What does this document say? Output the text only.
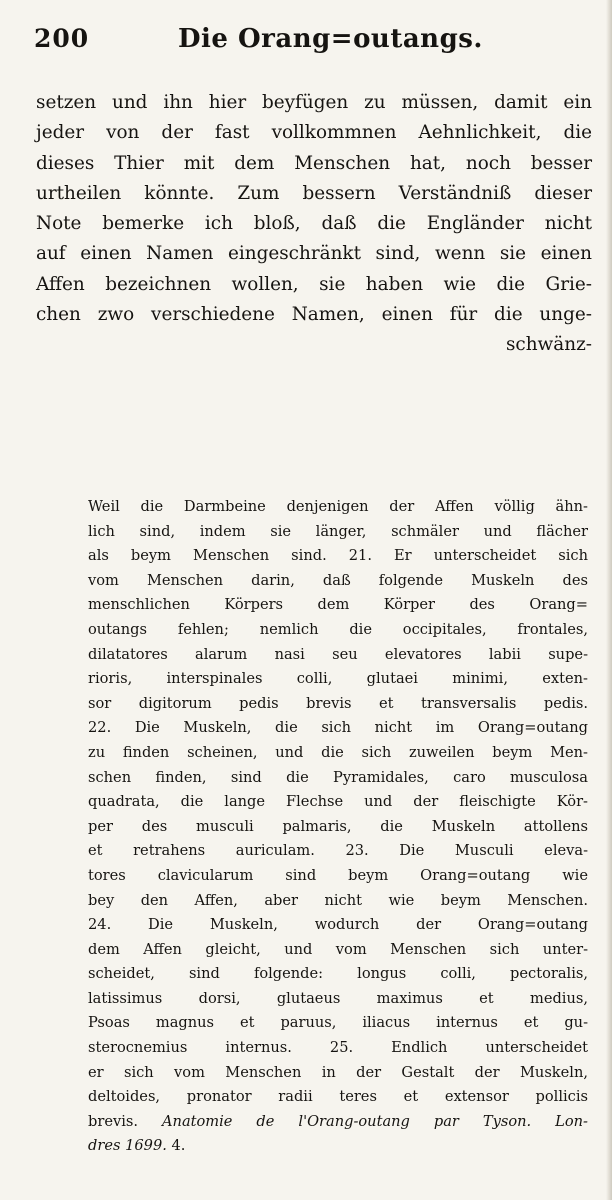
200	Die Orang=outangs.
setzen und ihn hier beyfügen zu müssen, damit ein
jeder von der fast vollkommnen Aehnlichkeit, die
dieses Thier mit dem Menschen hat, noch besser
urtheilen könnte. Zum bessern Verständniß dieser
Note bemerke ich bloß, daß die Engländer nicht
auf einen Namen eingeschränkt sind, wenn sie einen
Affen bezeichnen wollen, sie haben wie die Grie-
chen zwo verschiedene Namen, einen für die unge-
schwänz-
Weil die Darmbeine denjenigen der Affen völlig ähn-
lich sind, indem sie länger, schmäler und flächer
als beym Menschen sind. 21. Er unterscheidet sich
vom Menschen darin, daß folgende Muskeln des
menschlichen Körpers dem Körper des Orang=
outangs fehlen; nemlich die occipitales, frontales,
dilatatores alarum nasi seu elevatores labii supe-
rioris, interspinales colli, glutaei minimi, exten-
sor digitorum pedis brevis et transversalis pedis.
22. Die Muskeln, die sich nicht im Orang=outang
zu finden scheinen, und die sich zuweilen beym Men-
schen finden, sind die Pyramidales, caro musculosa
quadrata, die lange Flechse und der fleischigte Kör-
per des musculi palmaris, die Muskeln attollens
et retrahens auriculam. 23. Die Musculi eleva-
tores clavicularum sind beym Orang=outang wie
bey den Affen, aber nicht wie beym Menschen.
24. Die Muskeln, wodurch der Orang=outang
dem Affen gleicht, und vom Menschen sich unter-
scheidet, sind folgende: longus colli, pectoralis,
latissimus dorsi, glutaeus maximus et medius,
Psoas magnus et paruus, iliacus internus et gu-
sterocnemius internus. 25. Endlich unterscheidet
er sich vom Menschen in der Gestalt der Muskeln,
deltoides, pronator radii teres et extensor pollicis
brevis. Anatomie de l'Orang-outang par Tyson. Lon-
dres 1699. 4.
